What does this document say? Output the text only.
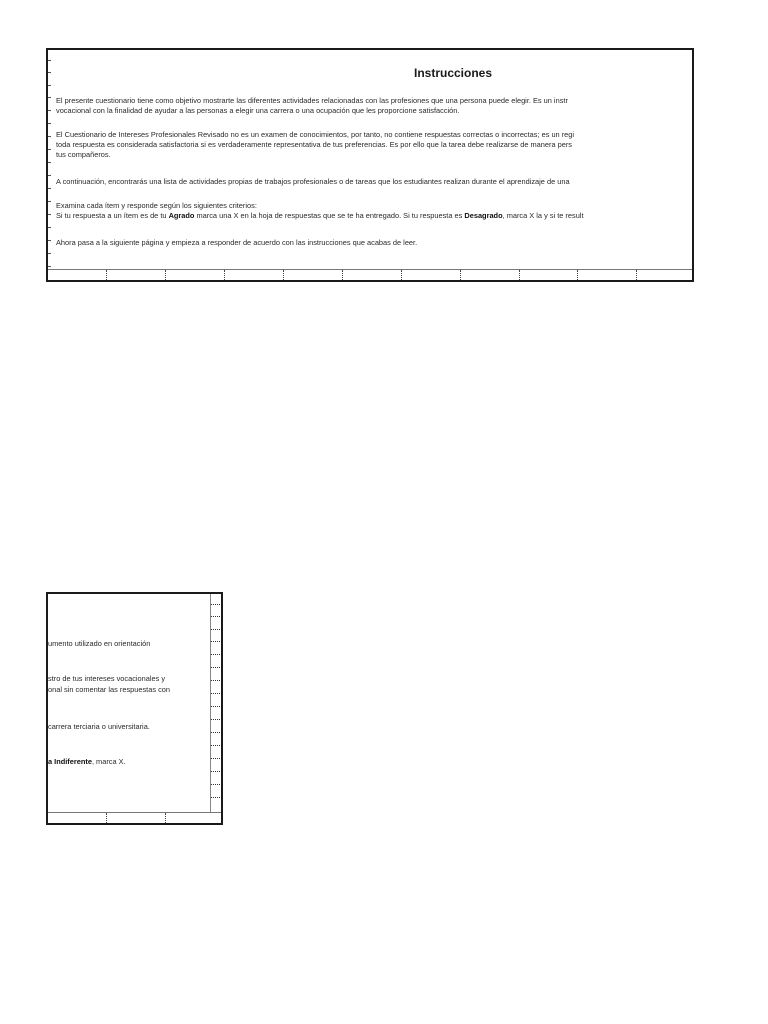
Instrucciones
El presente cuestionario tiene como objetivo mostrarte las diferentes actividades relacionadas con las profesiones que una persona puede elegir. Es un instr
vocacional con la finalidad de ayudar a las personas a elegir una carrera o una ocupación que les proporcione satisfacción.
El Cuestionario de Intereses Profesionales Revisado no es un examen de conocimientos, por tanto, no contiene respuestas correctas o incorrectas; es un regi
toda respuesta es considerada satisfactoria si es verdaderamente representativa de tus preferencias. Es por ello que la tarea debe realizarse de manera pers
tus compañeros.
A continuación, encontrarás una lista de actividades propias de trabajos profesionales o de tareas que los estudiantes realizan durante el aprendizaje de una
Examina cada ítem y responde según los siguientes criterios:
Si tu respuesta a un ítem es de tu Agrado marca una X en la hoja de respuestas que se te ha entregado. Si tu respuesta es Desagrado, marca X la y si te result
Ahora pasa a la siguiente página y empieza a responder de acuerdo con las instrucciones que acabas de leer.
umento utilizado en orientación
stro de tus intereses vocacionales y
onal sin comentar las respuestas con
carrera terciaria o universitaria.
a Indiferente, marca X.
